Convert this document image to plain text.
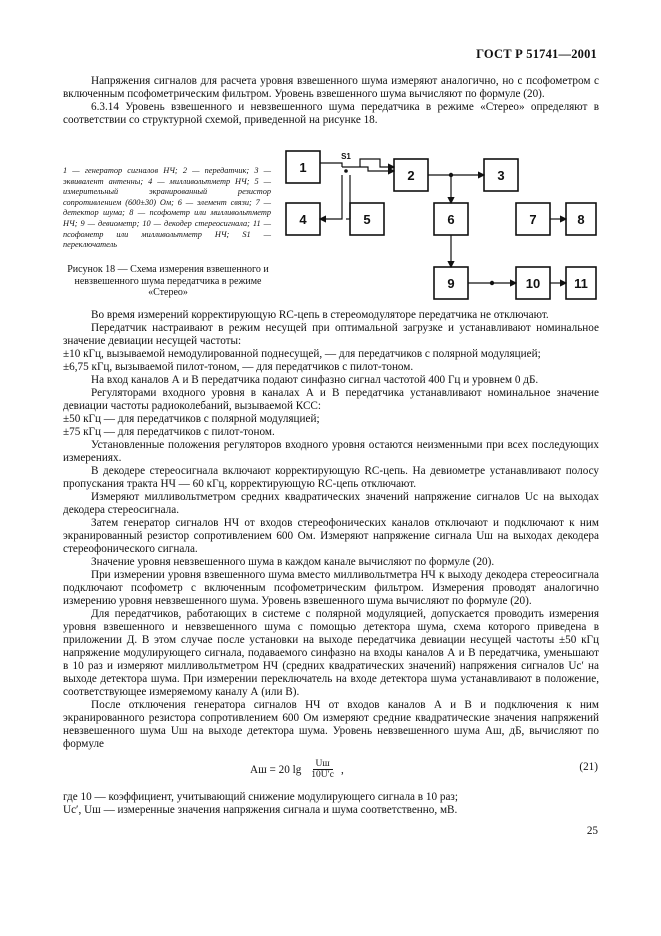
ГОСТ Р 51741—2001

Напряжения сигналов для расчета уровня взвешенного шума измеряют аналогично, но с псофометром с включенным псофометрическим фильтром. Уровень взвешенного шума вычисляют по формуле (20).

6.3.14 Уровень взвешенного и невзвешенного шума передатчика в режиме «Стерео» определяют в соответствии со структурной схемой, приведенной на рисунке 18.

1 — генератор сигналов НЧ; 2 — передатчик; 3 — эквивалент антенны; 4 — милливольтметр НЧ; 5 — измерительный экранированный резистор сопротивлением (600±30) Ом; 6 — элемент связи; 7 — детектор шума; 8 — псофометр или милливольтметр НЧ; 9 — девиометр; 10 — декодер стереосигнала; 11 — псофометр или милливольтметр НЧ; S1 — переключатель
Рисунок 18 — Схема измерения взвешенного и невзвешенного шума передатчика в режиме «Стерео»
1
2	3
4	5	6	7	8
9	10	11
S1

Во время измерений корректирующую RC-цепь в стереомодуляторе передатчика не отключают.

Передатчик настраивают в режим несущей при оптимальной загрузке и устанавливают номинальное значение девиации несущей частоты:

±10 кГц, вызываемой немодулированной поднесущей, — для передатчиков с полярной модуляцией;

±6,75 кГц, вызываемой пилот-тоном, — для передатчиков с пилот-тоном.

На вход каналов А и В передатчика подают синфазно сигнал частотой 400 Гц и уровнем 0 дБ.

Регуляторами входного уровня в каналах А и В передатчика устанавливают номинальное значение девиации частоты радиоколебаний, вызываемой КСС:

±50 кГц — для передатчиков с полярной модуляцией;

±75 кГц — для передатчиков с пилот-тоном.

Установленные положения регуляторов входного уровня остаются неизменными при всех последующих измерениях.

В декодере стереосигнала включают корректирующую RC-цепь. На девиометре устанавливают полосу пропускания тракта НЧ — 60 кГц, корректирующую RC-цепь отключают.

Измеряют милливольтметром средних квадратических значений напряжение сигналов Uс на выходах декодера стереосигнала.

Затем генератор сигналов НЧ от входов стереофонических каналов отключают и подключают к ним экранированный резистор сопротивлением 600 Ом. Измеряют напряжение сигнала Uш на выходах декодера стереофонического сигнала.

Значение уровня невзвешенного шума в каждом канале вычисляют по формуле (20).

При измерении уровня взвешенного шума вместо милливольтметра НЧ к выходу декодера стереосигнала подключают псофометр с включенным псофометрическим фильтром. Измерения проводят аналогично измерению уровня невзвешенного шума. Уровень взвешенного шума вычисляют по формуле (20).

Для передатчиков, работающих в системе с полярной модуляцией, допускается проводить измерения уровня взвешенного и невзвешенного шума с помощью детектора шума, схема которого приведена в приложении Д. В этом случае после установки на выходе передатчика девиации несущей частоты ±50 кГц напряжение модулирующего сигнала, подаваемого синфазно на входы каналов А и В передатчика, уменьшают в 10 раз и измеряют милливольтметром НЧ (средних квадратических значений) напряжения сигналов Uс′ на выходе детектора шума. При измерении переключатель на входе детектора шума устанавливают в положение, соответствующее измеряемому каналу А (или В).

После отключения генератора сигналов НЧ от входов каналов А и В и подключения к ним экранированного резистора сопротивлением 600 Ом измеряют средние квадратические значения напряжений невзвешенного шума Uш на выходе детектора шума. Уровень невзвешенного шума Аш, дБ, вычисляют по формуле

Аш = 20 $\lg \frac{Uш}{10U'с}$ ,	(21)

где 10 — коэффициент, учитывающий снижение модулирующего сигнала в 10 раз;

Uс′, Uш — измеренные значения напряжения сигнала и шума соответственно, мВ.

25
